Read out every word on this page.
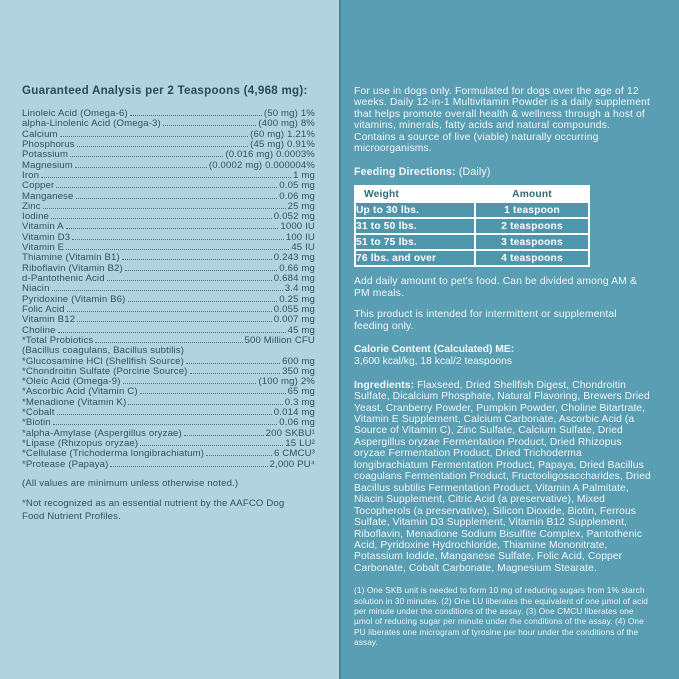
Guaranteed Analysis per 2 Teaspoons (4,968 mg):
Linoleic Acid (Omega-6)	(50 mg) 1%
alpha-Linolenic Acid (Omega-3)	(400 mg) 8%
Calcium	(60 mg) 1.21%
Phosphorus	(45 mg) 0.91%
Potassium	(0.016 mg) 0.0003%
Magnesium	(0.0002 mg) 0.000004%
Iron	1 mg
Copper	0.05 mg
Manganese	0.06 mg
Zinc	25 mg
Iodine	0.052 mg
Vitamin A	1000 IU
Vitamin D3	100 IU
Vitamin E	45 IU
Thiamine (Vitamin B1)	0.243 mg
Riboflavin (Vitamin B2)	0.66 mg
d-Pantothenic Acid	0.684 mg
Niacin	3.4 mg
Pyridoxine (Vitamin B6)	0.25 mg
Folic Acid	0.055 mg
Vitamin B12	0.007 mg
Choline	45 mg
*Total Probiotics	500 Million CFU
(Bacillus coagulans, Bacillus subtilis)
*Glucosamine HCl (Shellfish Source)	600 mg
*Chondroitin Sulfate (Porcine Source)	350 mg
*Oleic Acid (Omega-9)	(100 mg) 2%
*Ascorbic Acid (Vitamin C)	65 mg
*Menadione (Vitamin K)	0.3 mg
*Cobalt	0.014 mg
*Biotin	0.06 mg
*alpha-Amylase (Aspergillus oryzae)	200 SKBU¹
*Lipase (Rhizopus oryzae)	15 LU²
*Cellulase (Trichoderma longibrachiatum)	6 CMCU³
*Protease (Papaya)	2,000 PU⁴
(All values are minimum unless otherwise noted.)
*Not recognized as an essential nutrient by the AAFCO Dog Food Nutrient Profiles.

For use in dogs only. Formulated for dogs over the age of 12 weeks. Daily 12-in-1 Multivitamin Powder is a daily supplement that helps promote overall health & wellness through a host of vitamins, minerals, fatty acids and natural compounds. Contains a source of live (viable) naturally occurring microorganisms.

Feeding Directions: (Daily)
Weight	Amount
Up to 30 lbs.	1 teaspoon
31 to 50 lbs.	2 teaspoons
51 to 75 lbs.	3 teaspoons
76 lbs. and over	4 teaspoons

Add daily amount to pet's food. Can be divided among AM & PM meals.

This product is intended for intermittent or supplemental feeding only.

Calorie Content (Calculated) ME:
3,600 kcal/kg, 18 kcal/2 teaspoons

Ingredients: Flaxseed, Dried Shellfish Digest, Chondroitin Sulfate, Dicalcium Phosphate, Natural Flavoring, Brewers Dried Yeast, Cranberry Powder, Pumpkin Powder, Choline Bitartrate, Vitamin E Supplement, Calcium Carbonate, Ascorbic Acid (a Source of Vitamin C), Zinc Sulfate, Calcium Sulfate, Dried Aspergillus oryzae Fermentation Product, Dried Rhizopus oryzae Fermentation Product, Dried Trichoderma longibrachiatum Fermentation Product, Papaya, Dried Bacillus coagulans Fermentation Product, Fructooligosaccharides, Dried Bacillus subtilis Fermentation Product, Vitamin A Palmitate, Niacin Supplement, Citric Acid (a preservative), Mixed Tocopherols (a preservative), Silicon Dioxide, Biotin, Ferrous Sulfate, Vitamin D3 Supplement, Vitamin B12 Supplement, Riboflavin, Menadione Sodium Bisulfite Complex, Pantothenic Acid, Pyridoxine Hydrochloride, Thiamine Mononitrate, Potassium Iodide, Manganese Sulfate, Folic Acid, Copper Carbonate, Cobalt Carbonate, Magnesium Stearate.

(1) One SKB unit is needed to form 10 mg of reducing sugars from 1% starch solution in 30 minutes. (2) One LU liberates the equivalent of one µmol of acid per minute under the conditions of the assay. (3) One CMCU liberates one µmol of reducing sugar per minute under the conditions of the assay. (4) One PU liberates one microgram of tyrosine per hour under the conditions of the assay.
